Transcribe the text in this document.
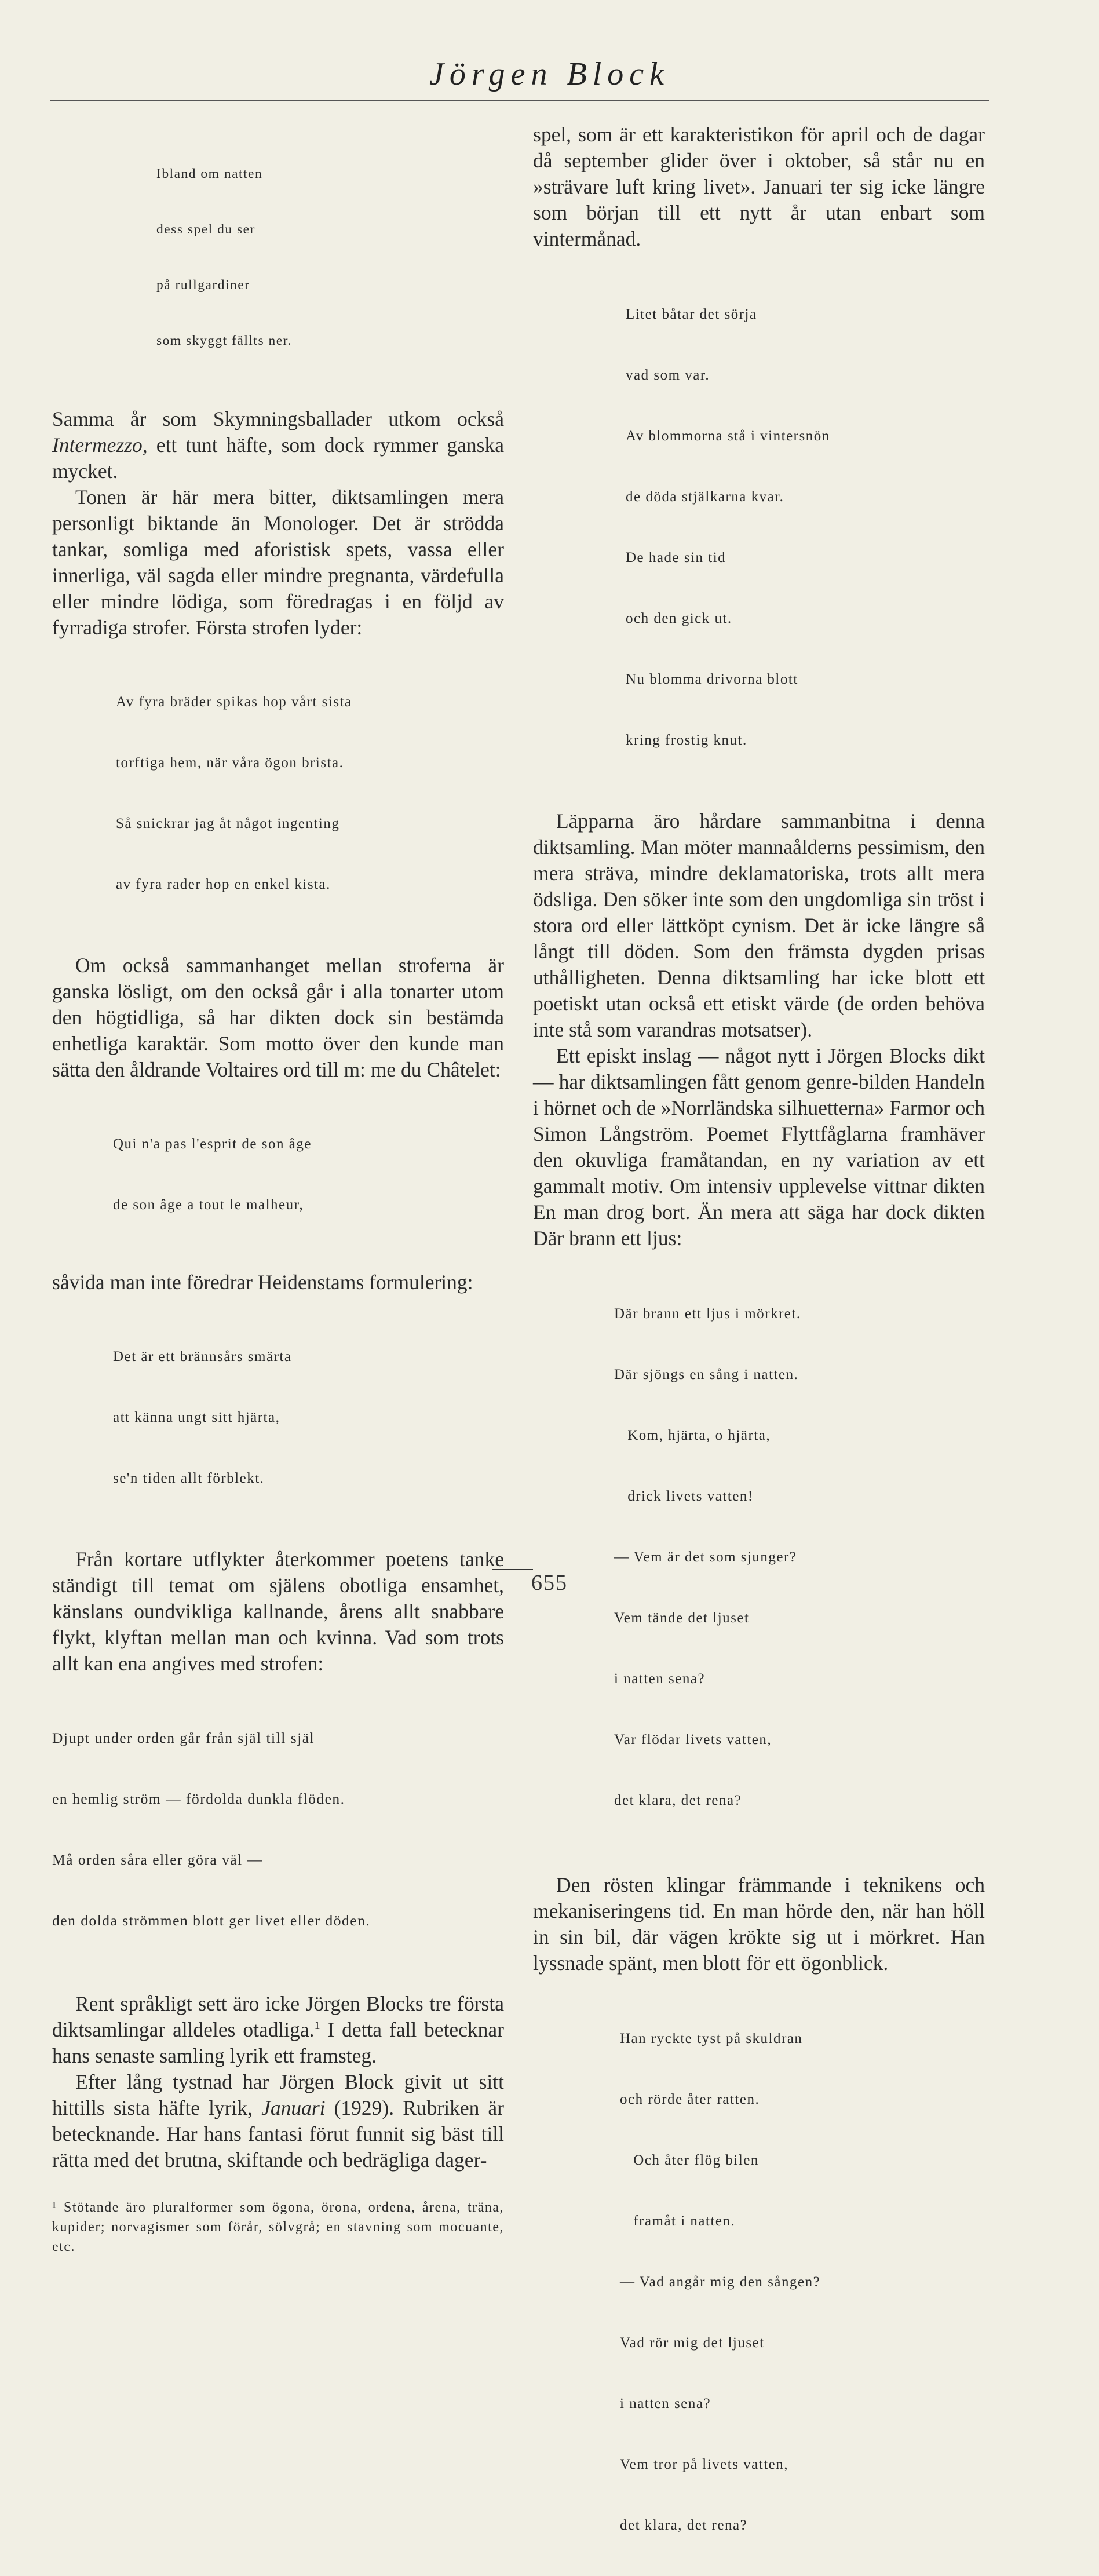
Jörgen Block

Ibland om natten

dess spel du ser

på rullgardiner

som skyggt fällts ner.

Samma år som Skymningsballader utkom också Intermezzo, ett tunt häfte, som dock rymmer ganska mycket.

Tonen är här mera bitter, diktsamlingen mera personligt biktande än Monologer. Det är strödda tankar, somliga med aforistisk spets, vassa eller innerliga, väl sagda eller mindre pregnanta, värdefulla eller mindre lödiga, som föredragas i en följd av fyrradiga strofer. Första strofen lyder:

Av fyra bräder spikas hop vårt sista

torftiga hem, när våra ögon brista.

Så snickrar jag åt något ingenting

av fyra rader hop en enkel kista.

Om också sammanhanget mellan stroferna är ganska lösligt, om den också går i alla tonarter utom den högtidliga, så har dikten dock sin bestämda enhetliga karaktär. Som motto över den kunde man sätta den åldrande Voltaires ord till m: me du Châtelet:

Qui n'a pas l'esprit de son âge

de son âge a tout le malheur,

såvida man inte föredrar Heidenstams formulering:

Det är ett brännsårs smärta

att känna ungt sitt hjärta,

se'n tiden allt förblekt.

Från kortare utflykter återkommer poetens tanke ständigt till temat om själens obotliga ensamhet, känslans oundvikliga kallnande, årens allt snabbare flykt, klyftan mellan man och kvinna. Vad som trots allt kan ena angives med strofen:

Djupt under orden går från själ till själ

en hemlig ström — fördolda dunkla flöden.

Må orden såra eller göra väl —

den dolda strömmen blott ger livet eller döden.

Rent språkligt sett äro icke Jörgen Blocks tre första diktsamlingar alldeles otadliga.$^1$ I detta fall betecknar hans senaste samling lyrik ett framsteg.

Efter lång tystnad har Jörgen Block givit ut sitt hittills sista häfte lyrik, Januari (1929). Rubriken är betecknande. Har hans fantasi förut funnit sig bäst till rätta med det brutna, skiftande och bedrägliga dager-

¹ Stötande äro pluralformer som ögona, örona, ordena, årena, träna, kupider; norvagismer som förår, sölvgrå; en stavning som mocuante, etc.

spel, som är ett karakteristikon för april och de dagar då september glider över i oktober, så står nu en »strävare luft kring livet». Januari ter sig icke längre som början till ett nytt år utan enbart som vintermånad.

Litet båtar det sörja

vad som var.

Av blommorna stå i vintersnön

de döda stjälkarna kvar.

De hade sin tid

och den gick ut.

Nu blomma drivorna blott

kring frostig knut.

Läpparna äro hårdare sammanbitna i denna diktsamling. Man möter mannaålderns pessimism, den mera sträva, mindre deklamatoriska, trots allt mera ödsliga. Den söker inte som den ungdomliga sin tröst i stora ord eller lättköpt cynism. Det är icke längre så långt till döden. Som den främsta dygden prisas uthålligheten. Denna diktsamling har icke blott ett poetiskt utan också ett etiskt värde (de orden behöva inte stå som varandras motsatser).

Ett episkt inslag — något nytt i Jörgen Blocks dikt — har diktsamlingen fått genom genre-bilden Handeln i hörnet och de »Norrländska silhuetterna» Farmor och Simon Långström. Poemet Flyttfåglarna framhäver den okuvliga framåtandan, en ny variation av ett gammalt motiv. Om intensiv upplevelse vittnar dikten En man drog bort. Än mera att säga har dock dikten Där brann ett ljus:

Där brann ett ljus i mörkret.

Där sjöngs en sång i natten.

Kom, hjärta, o hjärta,

drick livets vatten!

— Vem är det som sjunger?

Vem tände det ljuset

i natten sena?

Var flödar livets vatten,

det klara, det rena?

Den rösten klingar främmande i teknikens och mekaniseringens tid. En man hörde den, när han höll in sin bil, där vägen krökte sig ut i mörkret. Han lyssnade spänt, men blott för ett ögonblick.

Han ryckte tyst på skuldran

och rörde åter ratten.

Och åter flög bilen

framåt i natten.

— Vad angår mig den sången?

Vad rör mig det ljuset

i natten sena?

Vem tror på livets vatten,

det klara, det rena?

655
